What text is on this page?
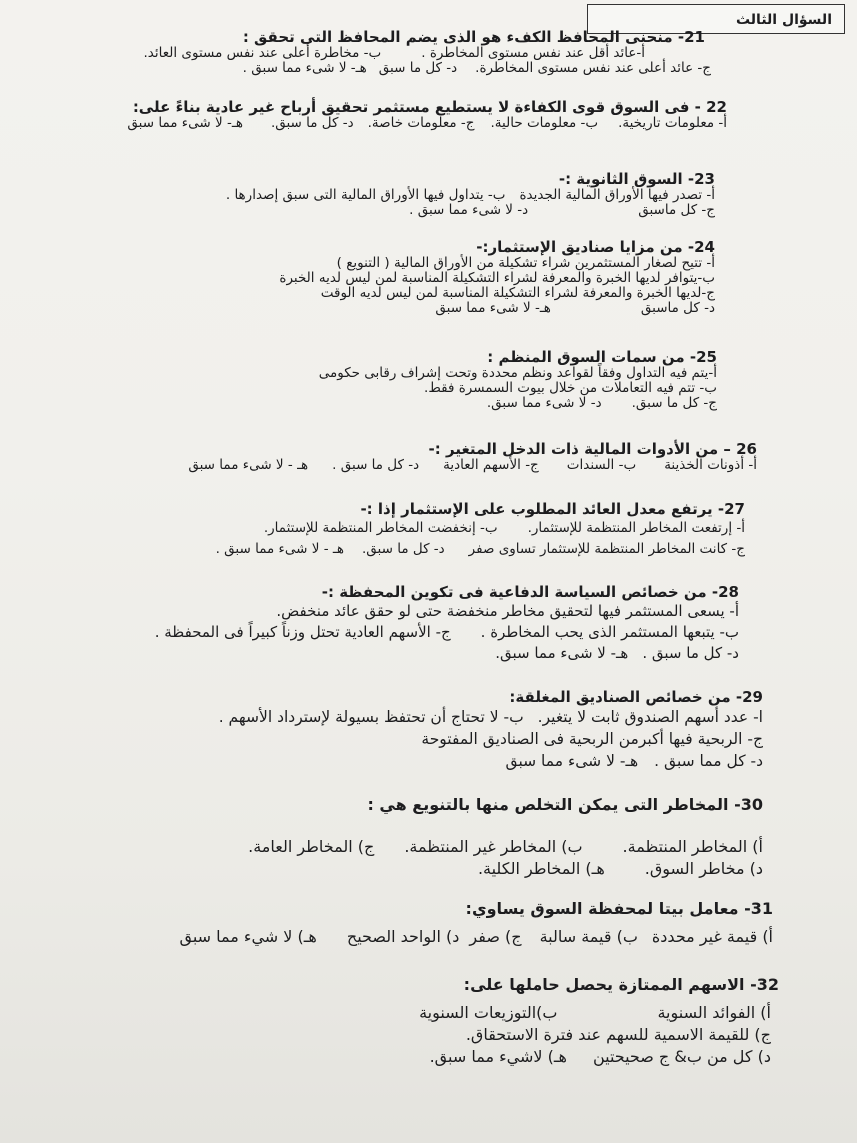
السؤال الثالث
21- منحنى المحافظ الكفء هو الذى يضم المحافظ التى تحقق :
أ-عائد أقل عند نفس مستوى المخاطرة .ب- مخاطرة أعلى عند نفس مستوى العائد.
ج- عائد أعلى عند نفس مستوى المخاطرة.د- كل ما سبقهـ- لا شىء مما سبق .
22 - فى السوق قوى الكفاءة لا يستطيع مستثمر تحقيق أرباح غير عادية بناءً على:
أ- معلومات تاريخية.ب- معلومات حالية.ج- معلومات خاصة.د- كل ما سبق.هـ- لا شىء مما سبق
23- السوق الثانوية :-
أ- تصدر فيها الأوراق المالية الجديدةب- يتداول فيها الأوراق المالية التى سبق إصدارها .
ج- كل ماسبقد- لا شىء مما سبق .
24- من مزايا صناديق الإستثمار:-
أ- تتيح لصغار المستثمرين شراء تشكيلة من الأوراق المالية ( التنويع )
ب-يتوافر لديها الخبرة والمعرفة لشراء التشكيلة المناسبة لمن ليس لديه الخبرة
ج-لديها الخبرة والمعرفة لشراء التشكيلة المناسبة لمن ليس لديه الوقت
د- كل ماسبقهـ- لا شىء مما سبق
25- من سمات السوق المنظم :
أ-يتم فيه التداول وفقاً لقواعد ونظم محددة وتحت إشراف رقابى حكومى
ب- تتم فيه التعاملات من خلال بيوت السمسرة فقط.
ج- كل ما سبق.د- لا شىء مما سبق.
26 – من الأدوات المالية ذات الدخل المتغير :-
أ- أذونات الخذينةب- السنداتج- الأسهم العاديةد- كل ما سبق .هـ - لا شىء مما سبق
27- يرتفع معدل العائد المطلوب على الإستثمار إذا :-
أ- إرتفعت المخاطر المنتظمة للإستثمار.ب- إنخفضت المخاطر المنتظمة للإستثمار.
ج- كانت المخاطر المنتظمة للإستثمار تساوى صفرد- كل ما سبق.هـ - لا شىء مما سبق .
28- من خصائص السياسة الدفاعية فى تكوين المحفظة :-
أ- يسعى المستثمر فيها لتحقيق مخاطر منخفضة حتى لو حقق عائد منخفض.
ب- يتبعها المستثمر الذى يحب المخاطرة .ج- الأسهم العادية تحتل وزناً كبيراً فى المحفظة .
د- كل ما سبق .هـ- لا شىء مما سبق.
29- من خصائص الصناديق المغلقة:
ا- عدد أسهم الصندوق ثابت لا يتغير.ب- لا تحتاج أن تحتفظ بسيولة لإسترداد الأسهم .
ج- الربحية فيها أكبرمن الربحية فى الصناديق المفتوحة
د- كل مما سبق .هـ- لا شىء مما سبق
30- المخاطر التى يمكن التخلص منها بالتنويع هي :
أ) المخاطر المنتظمة.ب) المخاطر غير المنتظمة.ج) المخاطر العامة.
د) مخاطر السوق.هـ) المخاطر الكلية.
31- معامل بيتا لمحفظة السوق يساوي:
أ) قيمة غير محددةب) قيمة سالبةج) صفرد) الواحد الصحيحهـ) لا شيء مما سبق
32- الاسهم الممتازة يحصل حاملها على:
أ) الفوائد السنويةب)التوزيعات السنوية
ج) للقيمة الاسمية للسهم عند فترة الاستحقاق.
د) كل من ب& ج صحيحتينهـ) لاشيء مما سبق.
